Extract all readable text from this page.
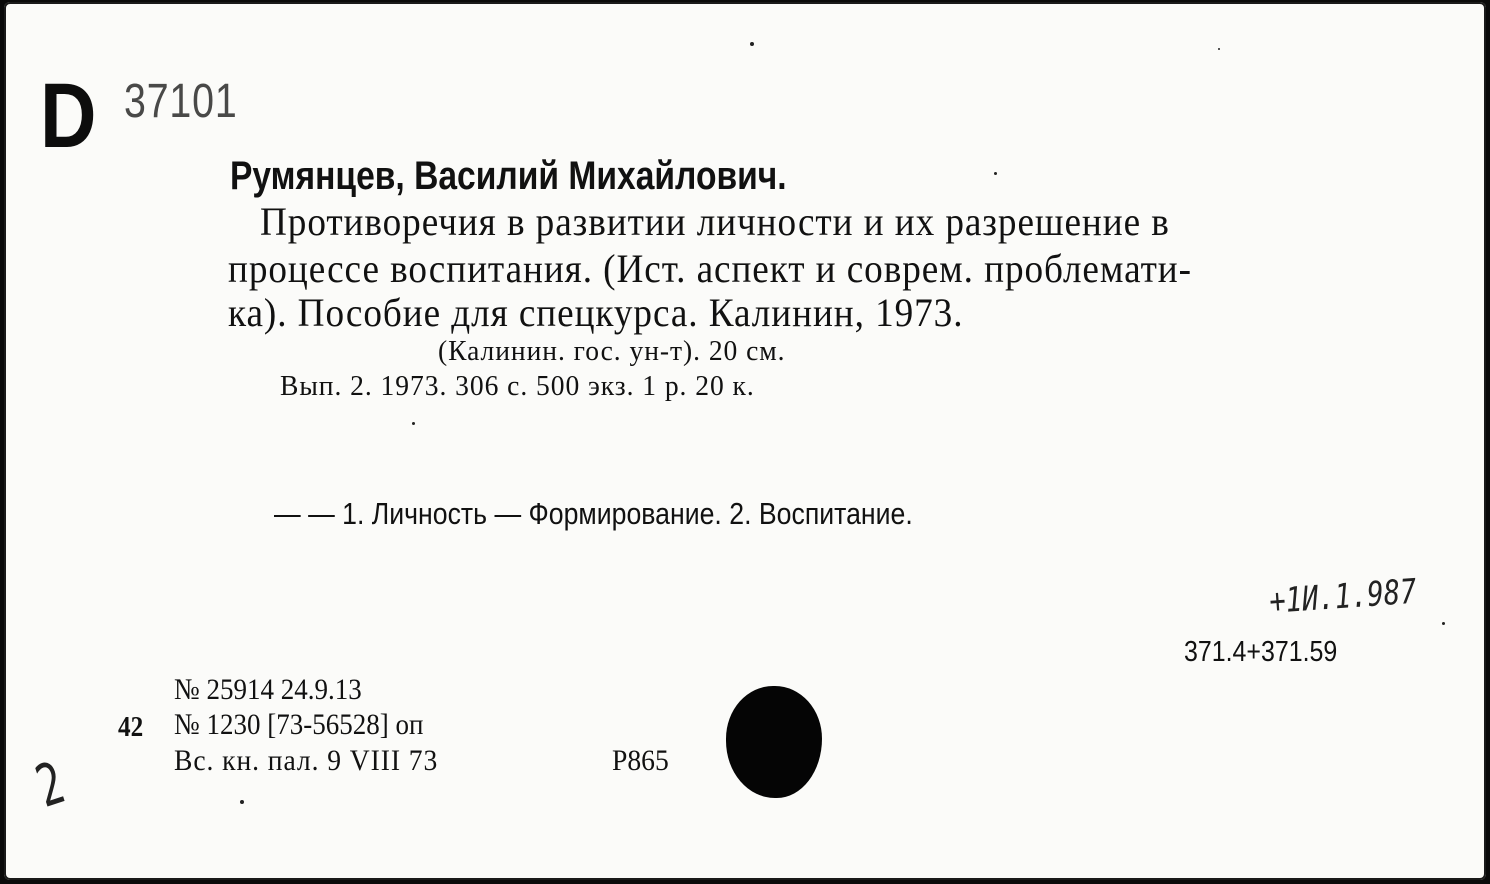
D 37101
Румянцев, Василий Михайлович.
Противоречия в развитии личности и их разрешение в
процессе воспитания. (Ист. аспект и соврем. проблемати-
ка). Пособие для спецкурса. Калинин, 1973.
(Калинин. гос. ун-т). 20 см.
Вып. 2. 1973. 306 с. 500 экз. 1 р. 20 к.
— — 1. Личность — Формирование. 2. Воспитание.
+1И.1.987
371.4+371.59
№ 25914 24.9.13
42 № 1230 [73-56528] оп
Вс. кн. пал. 9 VIII 73	Р865
2
